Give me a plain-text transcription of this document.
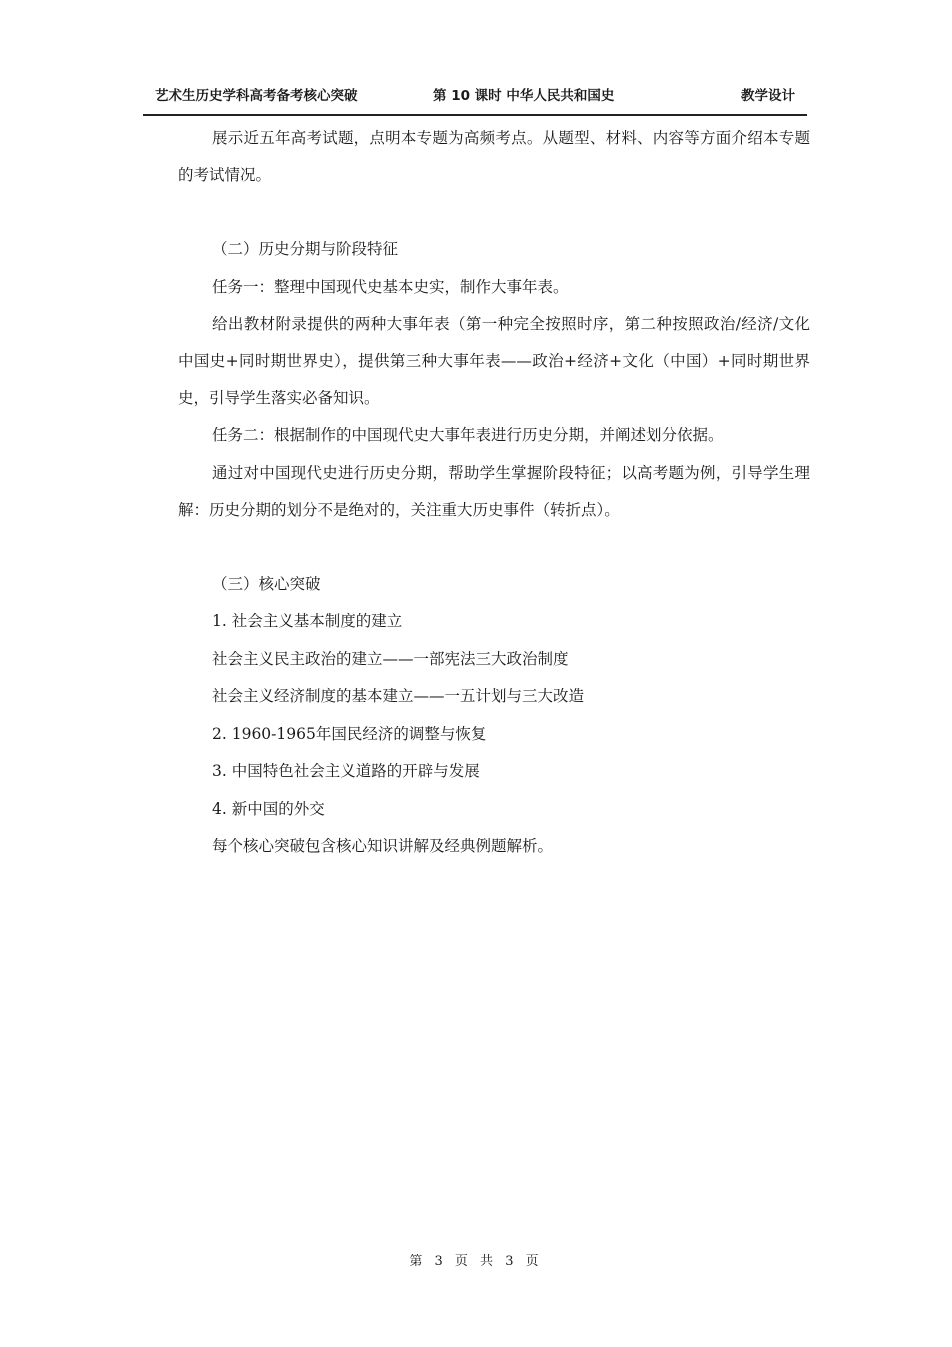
艺术生历史学科高考备考核心突破	第 10 课时 中华人民共和国史	教学设计

展示近五年高考试题，点明本专题为高频考点。从题型、材料、内容等方面介绍本专题的考试情况。

（二）历史分期与阶段特征

任务一：整理中国现代史基本史实，制作大事年表。

给出教材附录提供的两种大事年表（第一种完全按照时序，第二种按照政治/经济/文化中国史+同时期世界史），提供第三种大事年表——政治+经济+文化（中国）+同时期世界史，引导学生落实必备知识。

任务二：根据制作的中国现代史大事年表进行历史分期，并阐述划分依据。

通过对中国现代史进行历史分期，帮助学生掌握阶段特征；以高考题为例，引导学生理解：历史分期的划分不是绝对的，关注重大历史事件（转折点）。

（三）核心突破

1. 社会主义基本制度的建立

社会主义民主政治的建立——一部宪法三大政治制度

社会主义经济制度的基本建立——一五计划与三大改造

2. 1960-1965年国民经济的调整与恢复

3. 中国特色社会主义道路的开辟与发展

4. 新中国的外交

每个核心突破包含核心知识讲解及经典例题解析。

第 3 页 共 3 页
